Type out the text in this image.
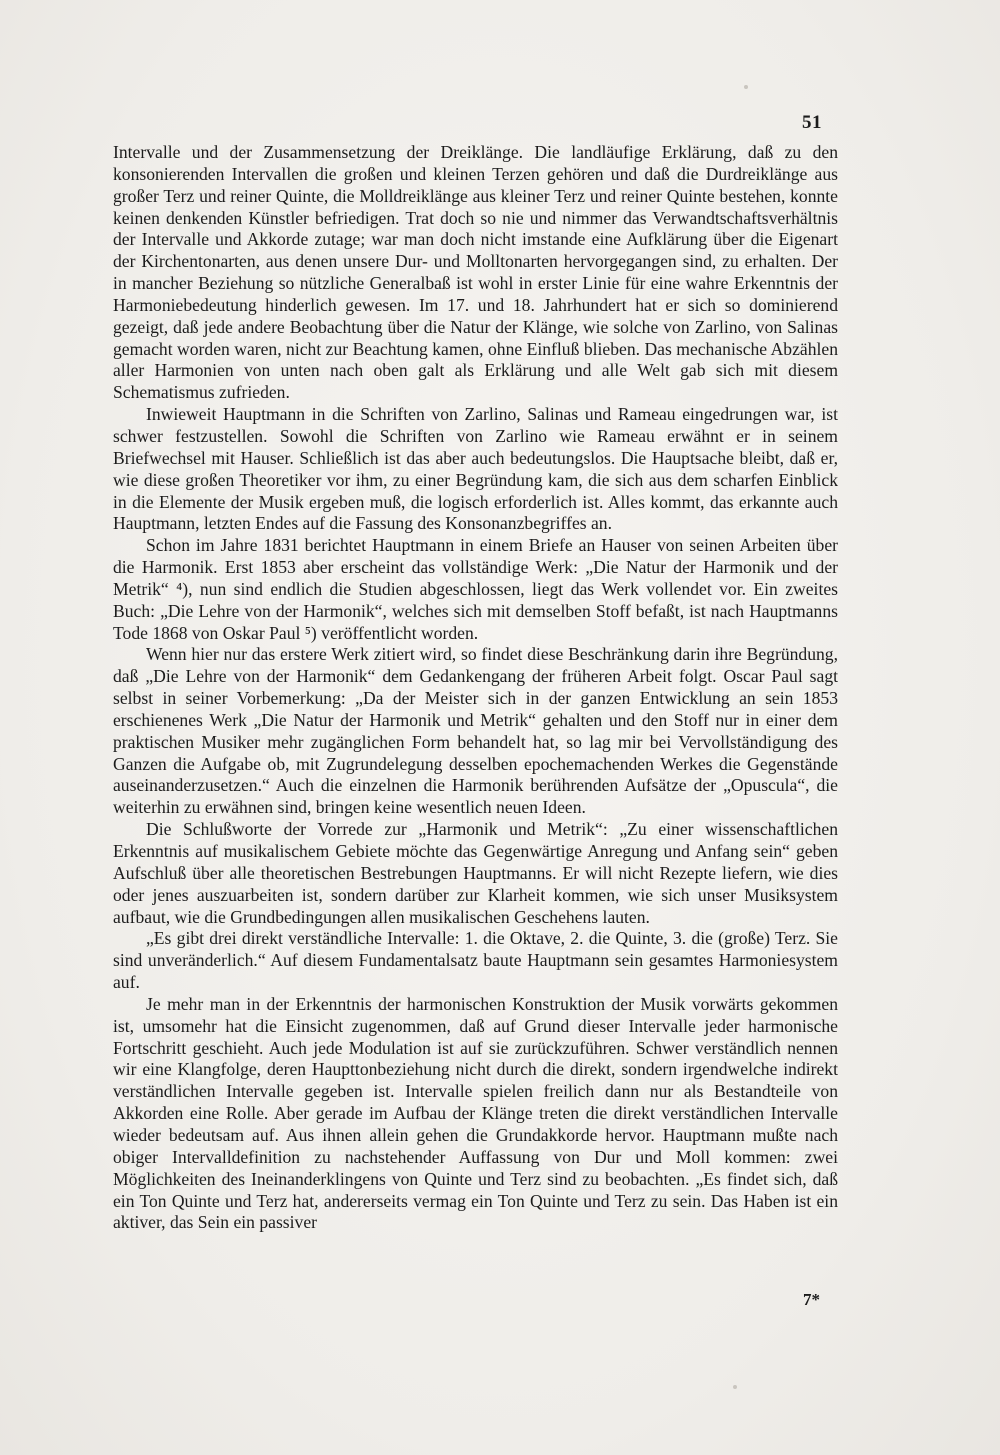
51

Intervalle und der Zusammensetzung der Dreiklänge. Die landläufige Erklärung, daß zu den konsonierenden Intervallen die großen und kleinen Terzen gehören und daß die Durdreiklänge aus großer Terz und reiner Quinte, die Molldreiklänge aus kleiner Terz und reiner Quinte bestehen, konnte keinen denkenden Künstler befriedigen. Trat doch so nie und nimmer das Verwandtschaftsverhältnis der Intervalle und Akkorde zutage; war man doch nicht imstande eine Aufklärung über die Eigenart der Kirchentonarten, aus denen unsere Dur- und Molltonarten hervorgegangen sind, zu erhalten. Der in mancher Beziehung so nützliche Generalbaß ist wohl in erster Linie für eine wahre Erkenntnis der Harmoniebedeutung hinderlich gewesen. Im 17. und 18. Jahrhundert hat er sich so dominierend gezeigt, daß jede andere Beobachtung über die Natur der Klänge, wie solche von Zarlino, von Salinas gemacht worden waren, nicht zur Beachtung kamen, ohne Einfluß blieben. Das mechanische Abzählen aller Harmonien von unten nach oben galt als Erklärung und alle Welt gab sich mit diesem Schematismus zufrieden.

Inwieweit Hauptmann in die Schriften von Zarlino, Salinas und Rameau eingedrungen war, ist schwer festzustellen. Sowohl die Schriften von Zarlino wie Rameau erwähnt er in seinem Briefwechsel mit Hauser. Schließlich ist das aber auch bedeutungslos. Die Hauptsache bleibt, daß er, wie diese großen Theoretiker vor ihm, zu einer Begründung kam, die sich aus dem scharfen Einblick in die Elemente der Musik ergeben muß, die logisch erforderlich ist. Alles kommt, das erkannte auch Hauptmann, letzten Endes auf die Fassung des Konsonanzbegriffes an.

Schon im Jahre 1831 berichtet Hauptmann in einem Briefe an Hauser von seinen Arbeiten über die Harmonik. Erst 1853 aber erscheint das vollständige Werk: „Die Natur der Harmonik und der Metrik“ ⁴), nun sind endlich die Studien abgeschlossen, liegt das Werk vollendet vor. Ein zweites Buch: „Die Lehre von der Harmonik“, welches sich mit demselben Stoff befaßt, ist nach Hauptmanns Tode 1868 von Oskar Paul ⁵) veröffentlicht worden.

Wenn hier nur das erstere Werk zitiert wird, so findet diese Beschränkung darin ihre Begründung, daß „Die Lehre von der Harmonik“ dem Gedankengang der früheren Arbeit folgt. Oscar Paul sagt selbst in seiner Vorbemerkung: „Da der Meister sich in der ganzen Entwicklung an sein 1853 erschienenes Werk „Die Natur der Harmonik und Metrik“ gehalten und den Stoff nur in einer dem praktischen Musiker mehr zugänglichen Form behandelt hat, so lag mir bei Vervollständigung des Ganzen die Aufgabe ob, mit Zugrundelegung desselben epochemachenden Werkes die Gegenstände auseinanderzusetzen.“ Auch die einzelnen die Harmonik berührenden Aufsätze der „Opuscula“, die weiterhin zu erwähnen sind, bringen keine wesentlich neuen Ideen.

Die Schlußworte der Vorrede zur „Harmonik und Metrik“: „Zu einer wissenschaftlichen Erkenntnis auf musikalischem Gebiete möchte das Gegenwärtige Anregung und Anfang sein“ geben Aufschluß über alle theoretischen Bestrebungen Hauptmanns. Er will nicht Rezepte liefern, wie dies oder jenes auszuarbeiten ist, sondern darüber zur Klarheit kommen, wie sich unser Musiksystem aufbaut, wie die Grundbedingungen allen musikalischen Geschehens lauten.

„Es gibt drei direkt verständliche Intervalle: 1. die Oktave, 2. die Quinte, 3. die (große) Terz. Sie sind unveränderlich.“ Auf diesem Fundamentalsatz baute Hauptmann sein gesamtes Harmoniesystem auf.

Je mehr man in der Erkenntnis der harmonischen Konstruktion der Musik vorwärts gekommen ist, umsomehr hat die Einsicht zugenommen, daß auf Grund dieser Intervalle jeder harmonische Fortschritt geschieht. Auch jede Modulation ist auf sie zurückzuführen. Schwer verständlich nennen wir eine Klangfolge, deren Haupttonbeziehung nicht durch die direkt, sondern irgendwelche indirekt verständlichen Intervalle gegeben ist. Intervalle spielen freilich dann nur als Bestandteile von Akkorden eine Rolle. Aber gerade im Aufbau der Klänge treten die direkt verständlichen Intervalle wieder bedeutsam auf. Aus ihnen allein gehen die Grundakkorde hervor. Hauptmann mußte nach obiger Intervalldefinition zu nachstehender Auffassung von Dur und Moll kommen: zwei Möglichkeiten des Ineinanderklingens von Quinte und Terz sind zu beobachten. „Es findet sich, daß ein Ton Quinte und Terz hat, andererseits vermag ein Ton Quinte und Terz zu sein. Das Haben ist ein aktiver, das Sein ein passiver

7*
